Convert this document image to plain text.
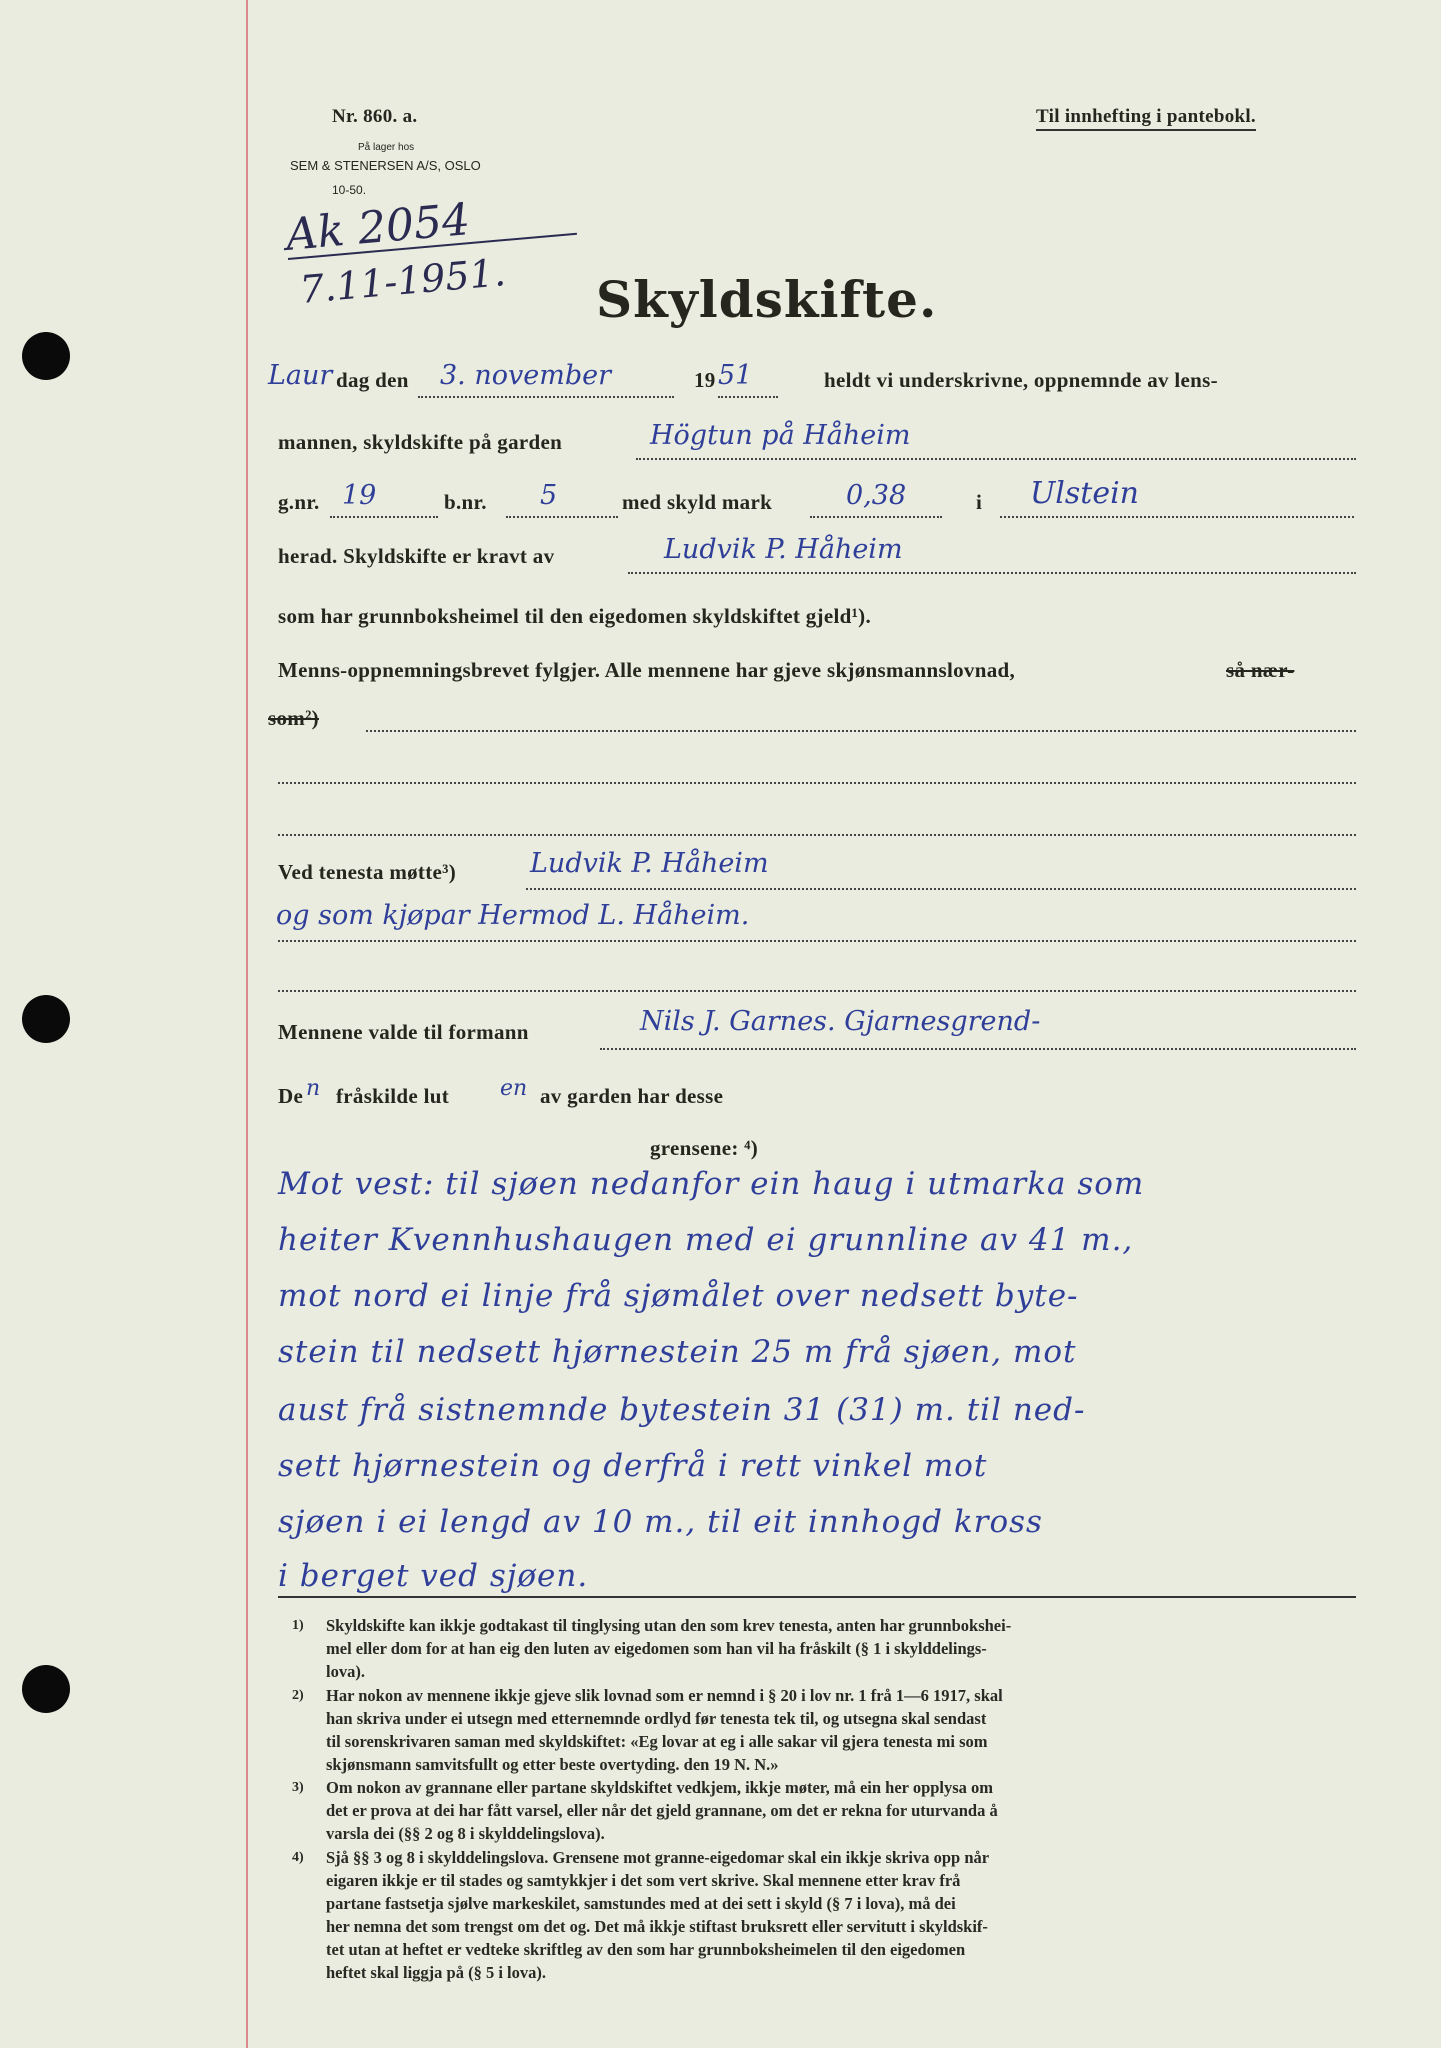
Nr. 860. a.
På lager hos
SEM & STENERSEN A/S, OSLO
10-50.
Til innhefting i pantebokl.
Ak 2054
7.11-1951. Skyldskifte.
Laur dag den 3. november	19 51	heldt vi underskrivne, oppnemnde av lens-
mannen, skyldskifte på garden	Högtun på Håheim
g.nr. 19	b.nr. 5	med skyld mark	0,38	i Ulstein
herad. Skyldskifte er kravt av	Ludvik P. Håheim
som har grunnboksheimel til den eigedomen skyldskiftet gjeld¹).
Menns-oppnemningsbrevet fylgjer. Alle mennene har gjeve skjønsmannslovnad,	så nær-
som²)
Ved tenesta møtte³)	Ludvik P. Håheim
og som kjøpar Hermod L. Håheim.
Mennene valde til formann	Nils J. Garnes. Gjarnesgrend-
De n fråskilde lut en av garden har desse
grensene: ⁴)
Mot vest: til sjøen nedanfor ein haug i utmarka som
heiter Kvennhushaugen med ei grunnline av 41 m.,
mot nord ei linje frå sjømålet over nedsett byte-
stein til nedsett hjørnestein 25 m frå sjøen, mot
aust frå sistnemnde bytestein 31 (31) m. til ned-
sett hjørnestein og derfrå i rett vinkel mot
sjøen i ei lengd av 10 m., til eit innhogd kross
i berget ved sjøen.
1) Skyldskifte kan ikkje godtakast til tinglysing utan den som krev tenesta, anten har grunnbokshei-
mel eller dom for at han eig den luten av eigedomen som han vil ha fråskilt (§ 1 i skylddelings-
lova).
2) Har nokon av mennene ikkje gjeve slik lovnad som er nemnd i § 20 i lov nr. 1 frå 1—6 1917, skal
han skriva under ei utsegn med etternemnde ordlyd før tenesta tek til, og utsegna skal sendast
til sorenskrivaren saman med skyldskiftet: «Eg lovar at eg i alle sakar vil gjera tenesta mi som
skjønsmann samvitsfullt og etter beste overtyding. den 19 N. N.»
3) Om nokon av grannane eller partane skyldskiftet vedkjem, ikkje møter, må ein her opplysa om
det er prova at dei har fått varsel, eller når det gjeld grannane, om det er rekna for uturvanda å
varsla dei (§§ 2 og 8 i skylddelingslova).
4) Sjå §§ 3 og 8 i skylddelingslova. Grensene mot granne-eigedomar skal ein ikkje skriva opp når
eigaren ikkje er til stades og samtykkjer i det som vert skrive. Skal mennene etter krav frå
partane fastsetja sjølve markeskilet, samstundes med at dei sett i skyld (§ 7 i lova), må dei
her nemna det som trengst om det og. Det må ikkje stiftast bruksrett eller servitutt i skyldskif-
tet utan at heftet er vedteke skriftleg av den som har grunnboksheimelen til den eigedomen
heftet skal liggja på (§ 5 i lova).
